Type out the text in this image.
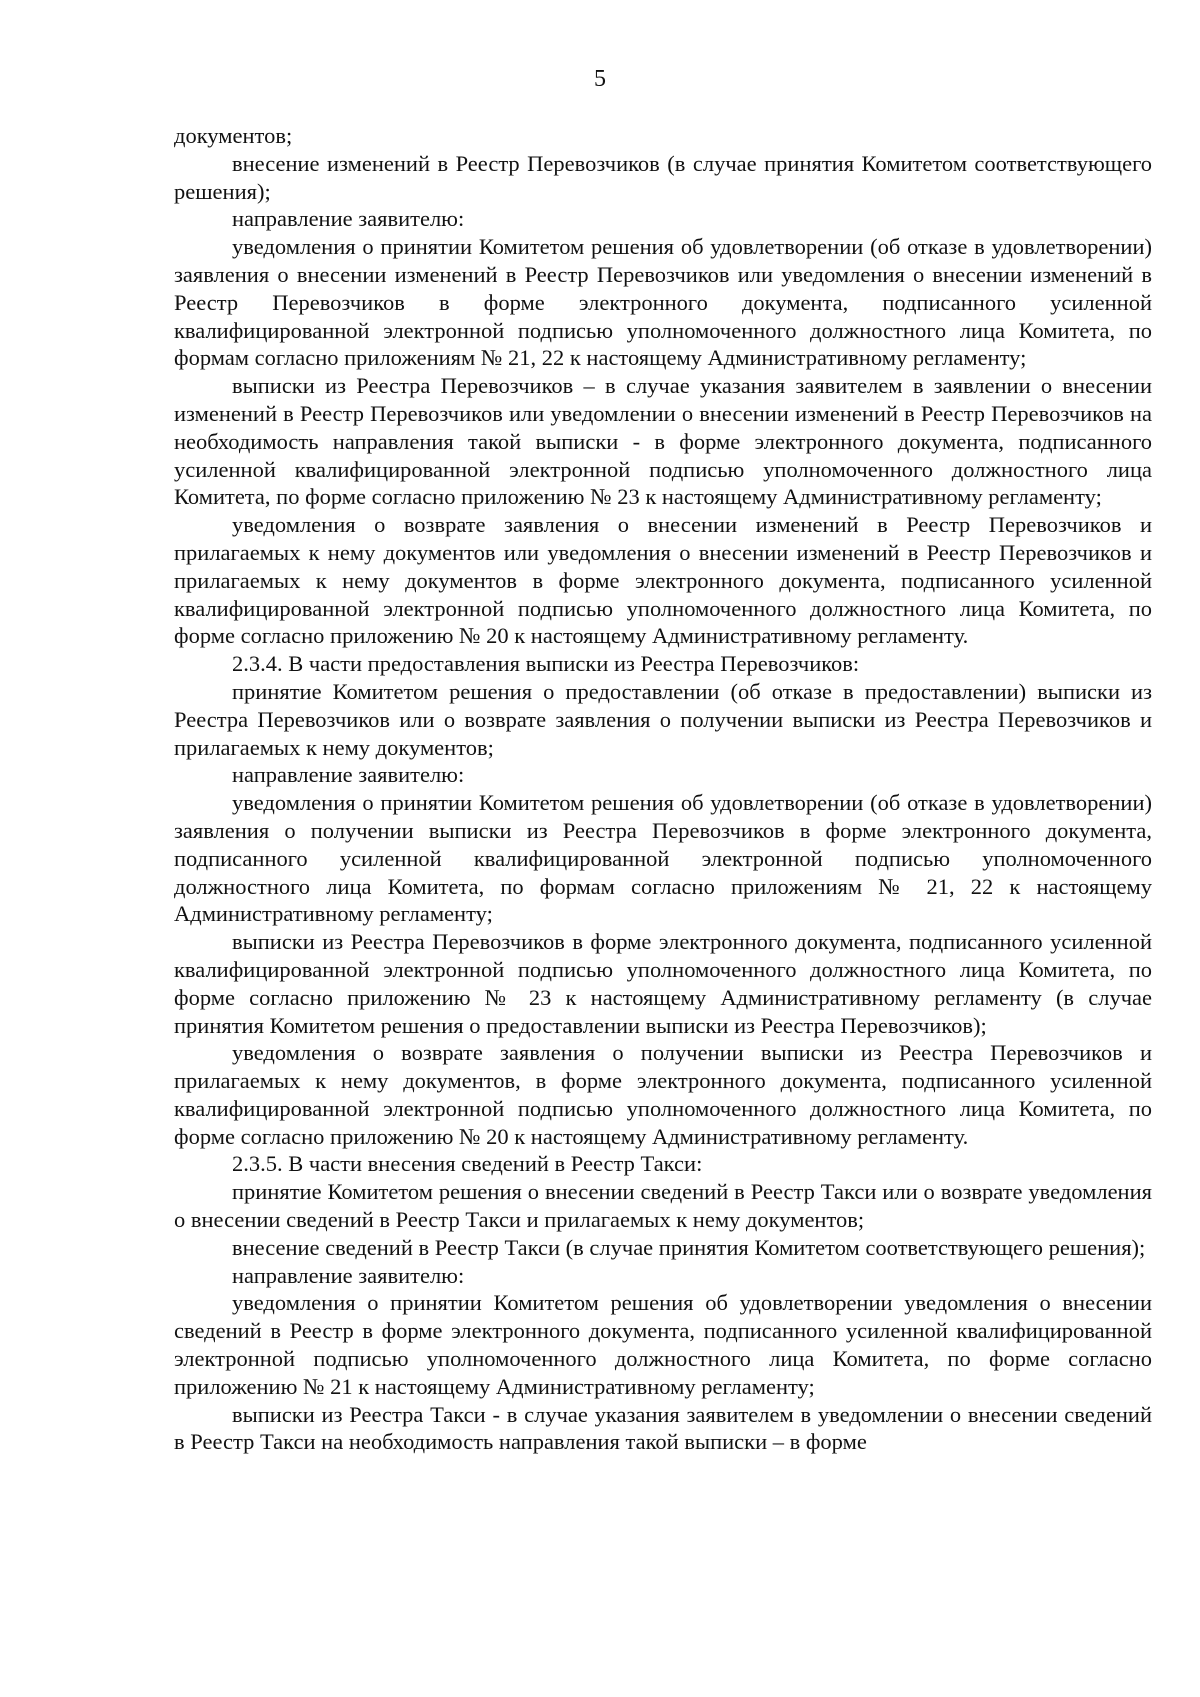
5

документов;

внесение изменений в Реестр Перевозчиков (в случае принятия Комитетом соответствующего решения);

направление заявителю:

уведомления о принятии Комитетом решения об удовлетворении (об отказе в удовлетворении) заявления о внесении изменений в Реестр Перевозчиков или уведомления о внесении изменений в Реестр Перевозчиков в форме электронного документа, подписанного усиленной квалифицированной электронной подписью уполномоченного должностного лица Комитета, по формам согласно приложениям № 21, 22 к настоящему Административному регламенту;

выписки из Реестра Перевозчиков – в случае указания заявителем в заявлении о внесении изменений в Реестр Перевозчиков или уведомлении о внесении изменений в Реестр Перевозчиков на необходимость направления такой выписки - в форме электронного документа, подписанного усиленной квалифицированной электронной подписью уполномоченного должностного лица Комитета, по форме согласно приложению № 23 к настоящему Административному регламенту;

уведомления о возврате заявления о внесении изменений в Реестр Перевозчиков и прилагаемых к нему документов или уведомления о внесении изменений в Реестр Перевозчиков и прилагаемых к нему документов в форме электронного документа, подписанного усиленной квалифицированной электронной подписью уполномоченного должностного лица Комитета, по форме согласно приложению № 20 к настоящему Административному регламенту.

2.3.4. В части предоставления выписки из Реестра Перевозчиков:

принятие Комитетом решения о предоставлении (об отказе в предоставлении) выписки из Реестра Перевозчиков или о возврате заявления о получении выписки из Реестра Перевозчиков и прилагаемых к нему документов;

направление заявителю:

уведомления о принятии Комитетом решения об удовлетворении (об отказе в удовлетворении) заявления о получении выписки из Реестра Перевозчиков в форме электронного документа, подписанного усиленной квалифицированной электронной подписью уполномоченного должностного лица Комитета, по формам согласно приложениям № 21, 22 к настоящему Административному регламенту;

выписки из Реестра Перевозчиков в форме электронного документа, подписанного усиленной квалифицированной электронной подписью уполномоченного должностного лица Комитета, по форме согласно приложению № 23 к настоящему Административному регламенту (в случае принятия Комитетом решения о предоставлении выписки из Реестра Перевозчиков);

уведомления о возврате заявления о получении выписки из Реестра Перевозчиков и прилагаемых к нему документов, в форме электронного документа, подписанного усиленной квалифицированной электронной подписью уполномоченного должностного лица Комитета, по форме согласно приложению № 20 к настоящему Административному регламенту.

2.3.5. В части внесения сведений в Реестр Такси:

принятие Комитетом решения о внесении сведений в Реестр Такси или о возврате уведомления о внесении сведений в Реестр Такси и прилагаемых к нему документов;

внесение сведений в Реестр Такси (в случае принятия Комитетом соответствующего решения);

направление заявителю:

уведомления о принятии Комитетом решения об удовлетворении уведомления о внесении сведений в Реестр в форме электронного документа, подписанного усиленной квалифицированной электронной подписью уполномоченного должностного лица Комитета, по форме согласно приложению № 21 к настоящему Административному регламенту;

выписки из Реестра Такси - в случае указания заявителем в уведомлении о внесении сведений в Реестр Такси на необходимость направления такой выписки – в форме
